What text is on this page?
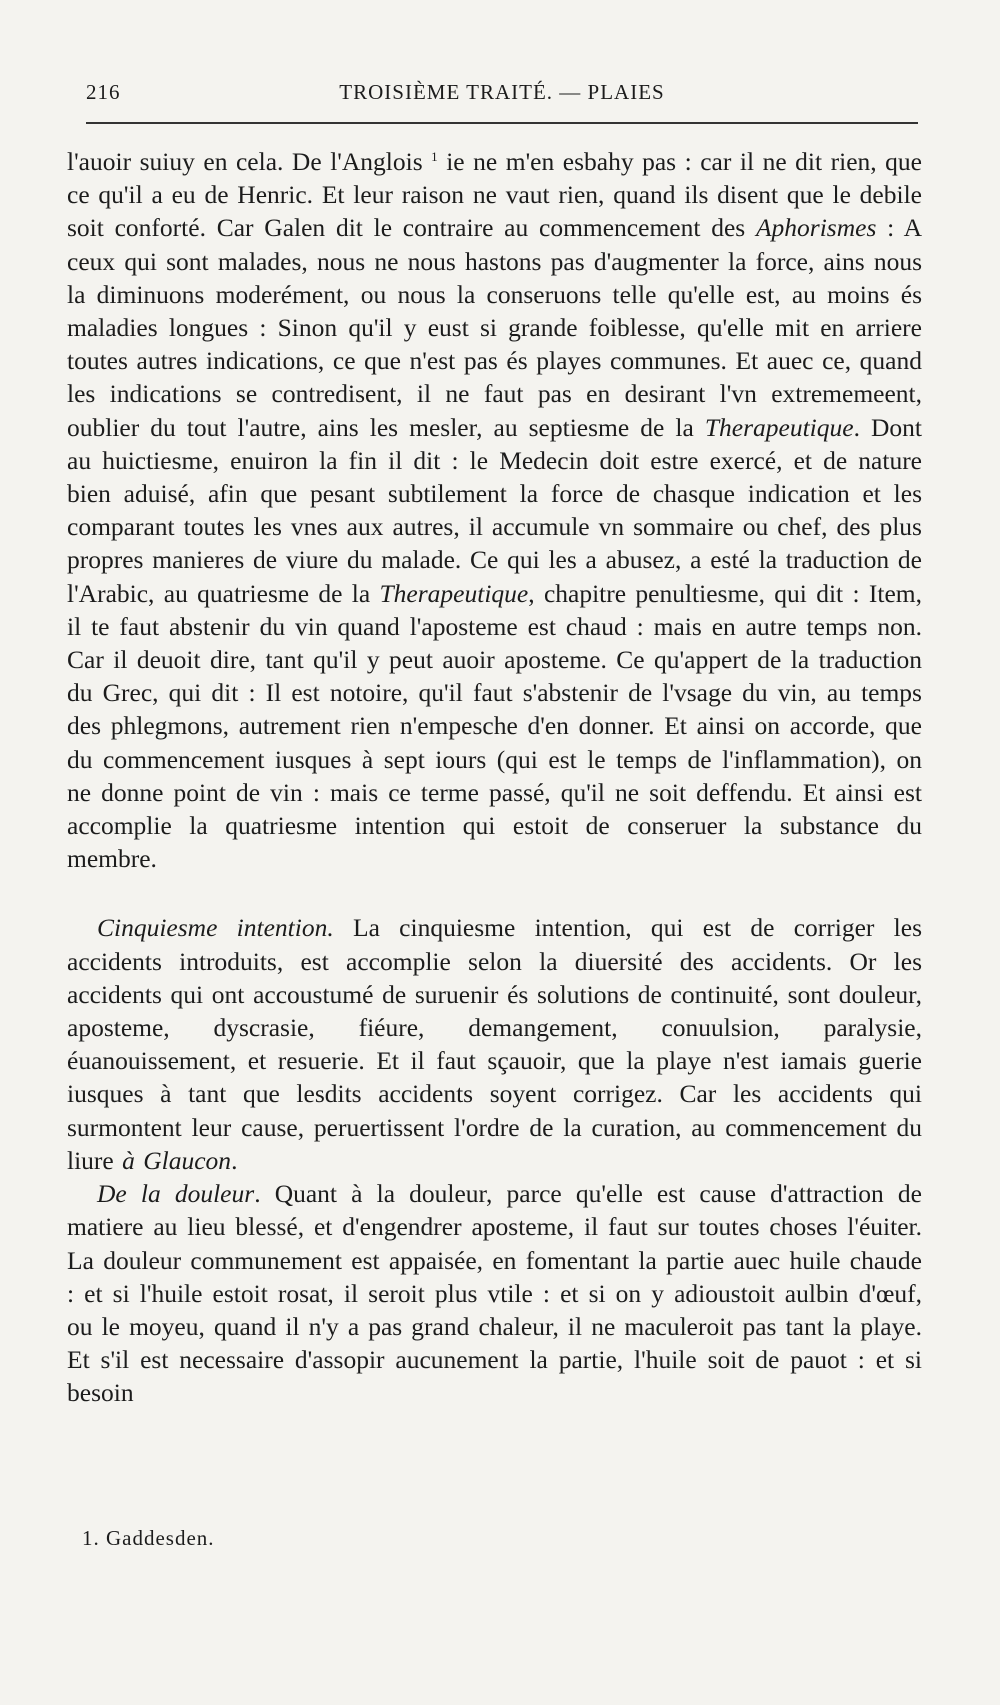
216	TROISIÈME TRAITÉ. — PLAIES

l'auoir suiuy en cela. De l'Anglois $^1$ ie ne m'en esbahy pas : car il ne dit rien, que ce qu'il a eu de Henric. Et leur raison ne vaut rien, quand ils disent que le debile soit conforté. Car Galen dit le contraire au commencement des Aphorismes : A ceux qui sont malades, nous ne nous hastons pas d'augmenter la force, ains nous la diminuons moderément, ou nous la conseruons telle qu'elle est, au moins és maladies longues : Sinon qu'il y eust si grande foiblesse, qu'elle mit en arriere toutes autres indications, ce que n'est pas és playes communes. Et auec ce, quand les indications se contredisent, il ne faut pas en desirant l'vn extrememeent, oublier du tout l'autre, ains les mesler, au septiesme de la Therapeutique. Dont au huictiesme, enuiron la fin il dit : le Medecin doit estre exercé, et de nature bien aduisé, afin que pesant subtilement la force de chasque indication et les comparant toutes les vnes aux autres, il accumule vn sommaire ou chef, des plus propres manieres de viure du malade. Ce qui les a abusez, a esté la traduction de l'Arabic, au quatriesme de la Therapeutique, chapitre penultiesme, qui dit : Item, il te faut abstenir du vin quand l'aposteme est chaud : mais en autre temps non. Car il deuoit dire, tant qu'il y peut auoir aposteme. Ce qu'appert de la traduction du Grec, qui dit : Il est notoire, qu'il faut s'abstenir de l'vsage du vin, au temps des phlegmons, autrement rien n'empesche d'en donner. Et ainsi on accorde, que du commencement iusques à sept iours (qui est le temps de l'inflammation), on ne donne point de vin : mais ce terme passé, qu'il ne soit deffendu. Et ainsi est accomplie la quatriesme intention qui estoit de conseruer la substance du membre.

Cinquiesme intention. La cinquiesme intention, qui est de corriger les accidents introduits, est accomplie selon la diuersité des accidents. Or les accidents qui ont accoustumé de suruenir és solutions de continuité, sont douleur, aposteme, dyscrasie, fiéure, demangement, conuulsion, paralysie, éuanouissement, et resuerie. Et il faut sçauoir, que la playe n'est iamais guerie iusques à tant que lesdits accidents soyent corrigez. Car les accidents qui surmontent leur cause, peruertissent l'ordre de la curation, au commencement du liure à Glaucon.

De la douleur. Quant à la douleur, parce qu'elle est cause d'attraction de matiere au lieu blessé, et d'engendrer aposteme, il faut sur toutes choses l'éuiter. La douleur communement est appaisée, en fomentant la partie auec huile chaude : et si l'huile estoit rosat, il seroit plus vtile : et si on y adioustoit aulbin d'œuf, ou le moyeu, quand il n'y a pas grand chaleur, il ne maculeroit pas tant la playe. Et s'il est necessaire d'assopir aucunement la partie, l'huile soit de pauot : et si besoin

1. Gaddesden.
